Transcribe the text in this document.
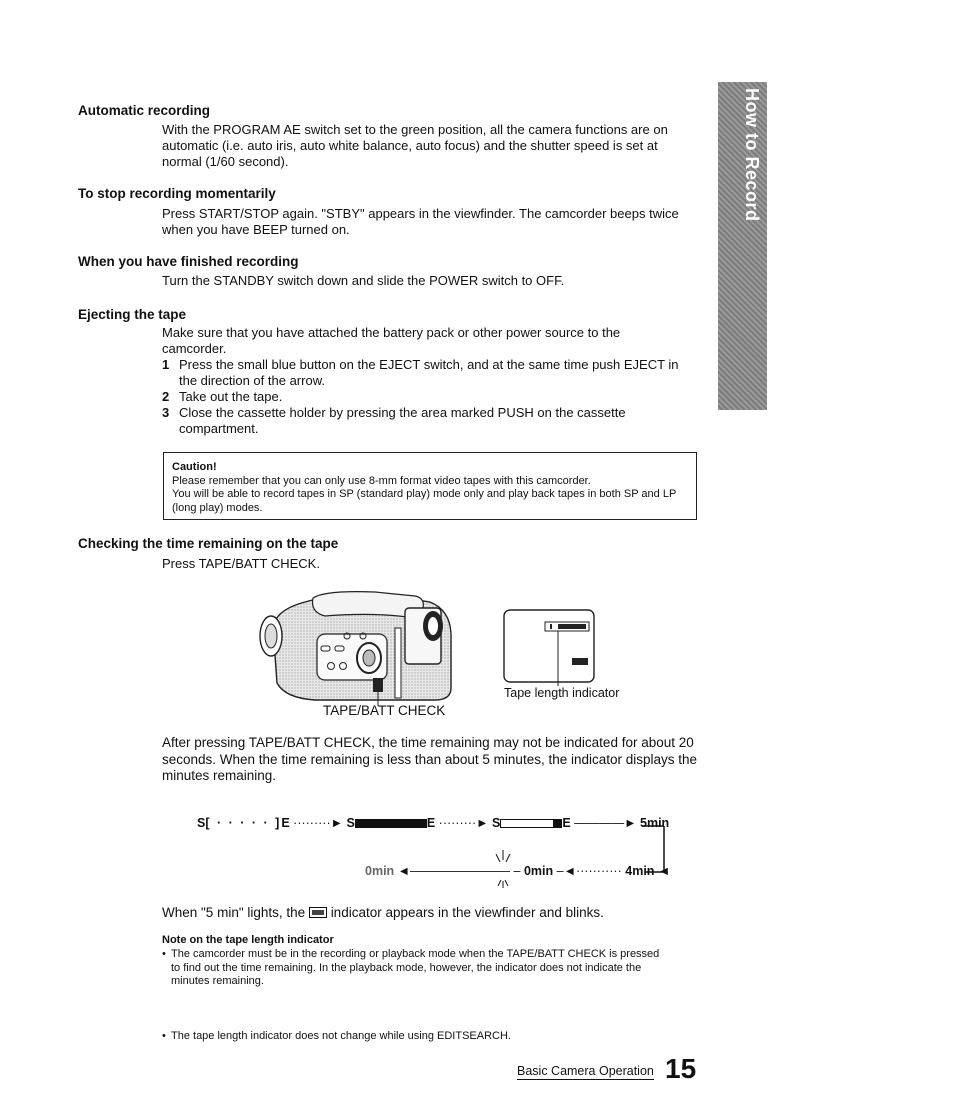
How to Record
Automatic recording
With the PROGRAM AE switch set to the green position, all the camera functions are on automatic (i.e. auto iris, auto white balance, auto focus) and the shutter speed is set at normal (1/60 second).
To stop recording momentarily
Press START/STOP again. "STBY" appears in the viewfinder. The camcorder beeps twice when you have BEEP turned on.
When you have finished recording
Turn the STANDBY switch down and slide the POWER switch to OFF.
Ejecting the tape
Make sure that you have attached the battery pack or other power source to the camcorder.
1 Press the small blue button on the EJECT switch, and at the same time push EJECT in the direction of the arrow.
2 Take out the tape.
3 Close the cassette holder by pressing the area marked PUSH on the cassette compartment.
Caution!
Please remember that you can only use 8-mm format video tapes with this camcorder.
You will be able to record tapes in SP (standard play) mode only and play back tapes in both SP and LP (long play) modes.
Checking the time remaining on the tape
Press TAPE/BATT CHECK.
TAPE/BATT CHECK
Tape length indicator
After pressing TAPE/BATT CHECK, the time remaining may not be indicated for about 20 seconds. When the time remaining is less than about 5 minutes, the indicator displays the minutes remaining.
S[ · · · · · ]E ·········► S	E ·········► S	E ————► 5min
0min ◄———————— – 0min –◄··········· 4min ◄
When "5 min" lights, the indicator appears in the viewfinder and blinks.
Note on the tape length indicator
• The camcorder must be in the recording or playback mode when the TAPE/BATT CHECK is pressed to find out the time remaining. In the playback mode, however, the indicator does not indicate the minutes remaining.
• The tape length indicator does not change while using EDITSEARCH.
Basic Camera Operation 15
